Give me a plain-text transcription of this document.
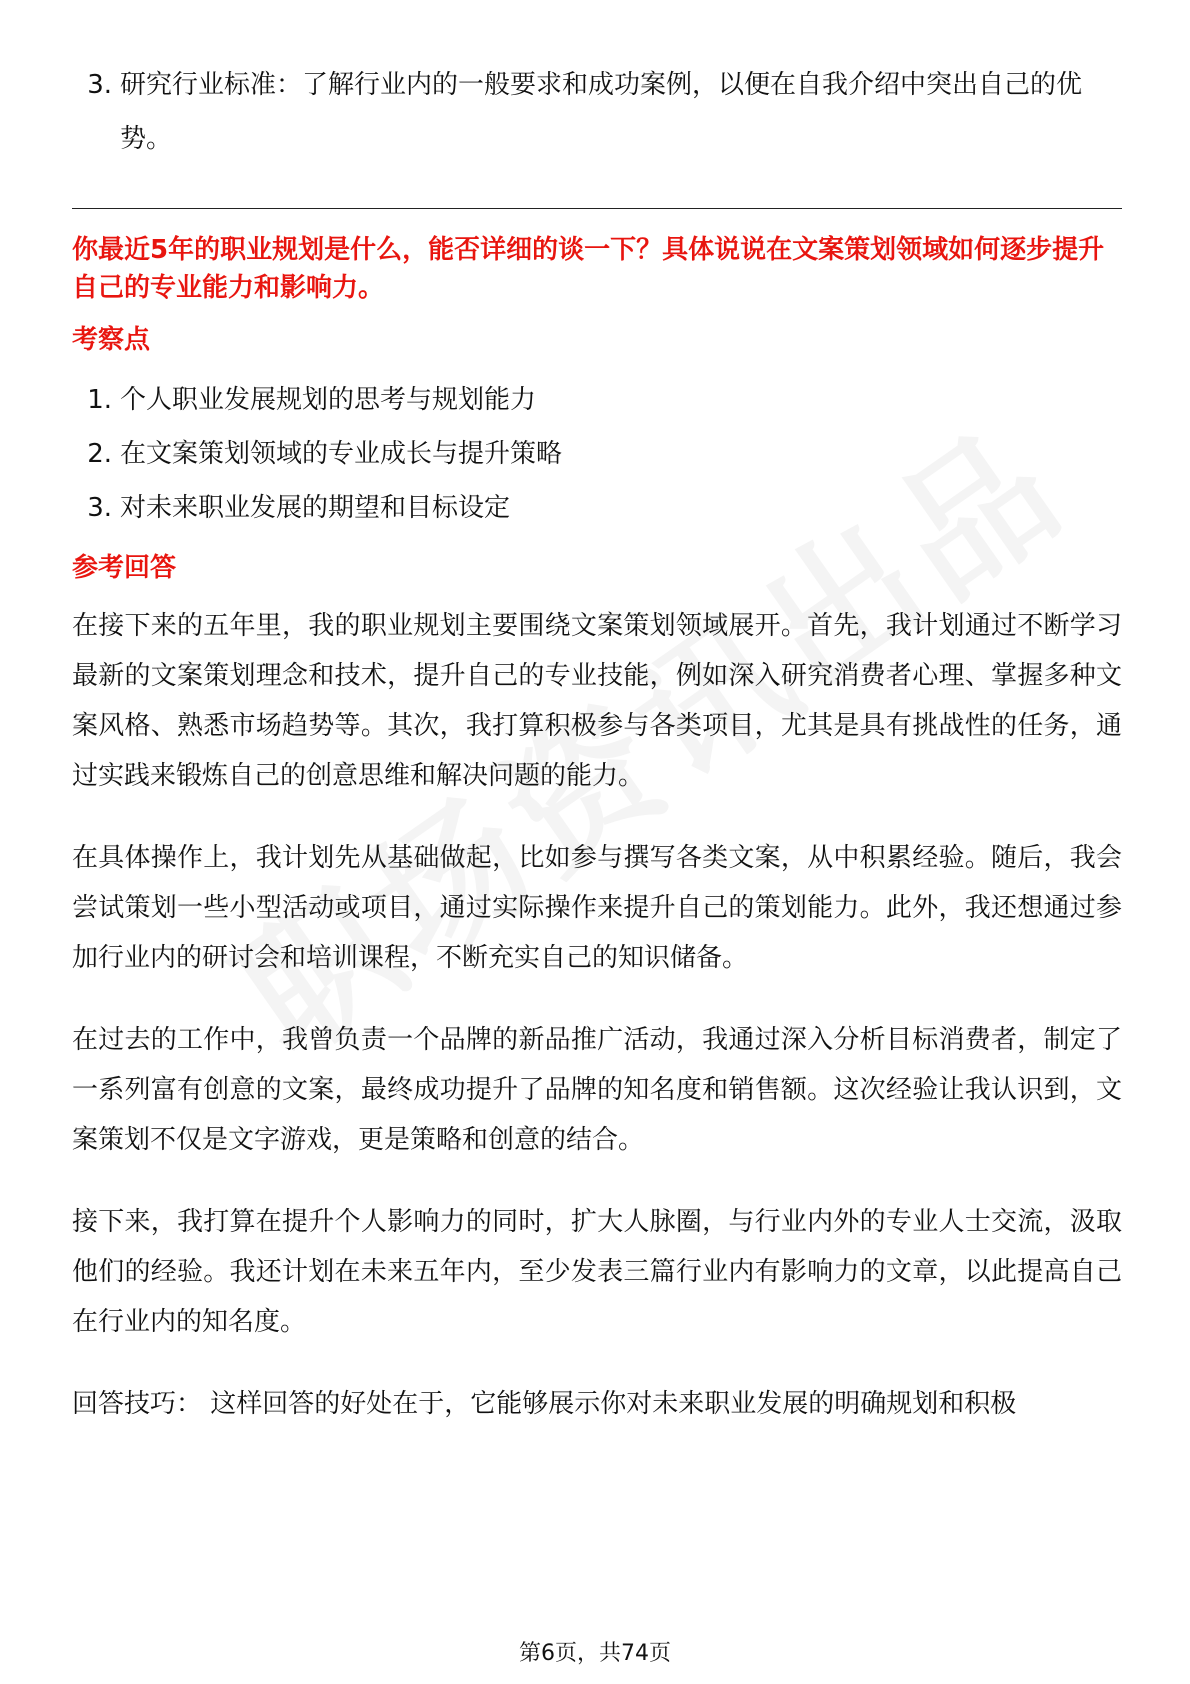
3. 研究行业标准：了解行业内的一般要求和成功案例，以便在自我介绍中突出自己的优势。

你最近5年的职业规划是什么，能否详细的谈一下？具体说说在文案策划领域如何逐步提升自己的专业能力和影响力。

考察点
1. 个人职业发展规划的思考与规划能力
2. 在文案策划领域的专业成长与提升策略
3. 对未来职业发展的期望和目标设定
参考回答

在接下来的五年里，我的职业规划主要围绕文案策划领域展开。首先，我计划通过不断学习最新的文案策划理念和技术，提升自己的专业技能，例如深入研究消费者心理、掌握多种文案风格、熟悉市场趋势等。其次，我打算积极参与各类项目，尤其是具有挑战性的任务，通过实践来锻炼自己的创意思维和解决问题的能力。

在具体操作上，我计划先从基础做起，比如参与撰写各类文案，从中积累经验。随后，我会尝试策划一些小型活动或项目，通过实际操作来提升自己的策划能力。此外，我还想通过参加行业内的研讨会和培训课程，不断充实自己的知识储备。

在过去的工作中，我曾负责一个品牌的新品推广活动，我通过深入分析目标消费者，制定了一系列富有创意的文案，最终成功提升了品牌的知名度和销售额。这次经验让我认识到，文案策划不仅是文字游戏，更是策略和创意的结合。

接下来，我打算在提升个人影响力的同时，扩大人脉圈，与行业内外的专业人士交流，汲取他们的经验。我还计划在未来五年内，至少发表三篇行业内有影响力的文章，以此提高自己在行业内的知名度。

回答技巧： 这样回答的好处在于，它能够展示你对未来职业发展的明确规划和积极

第6页，共74页
